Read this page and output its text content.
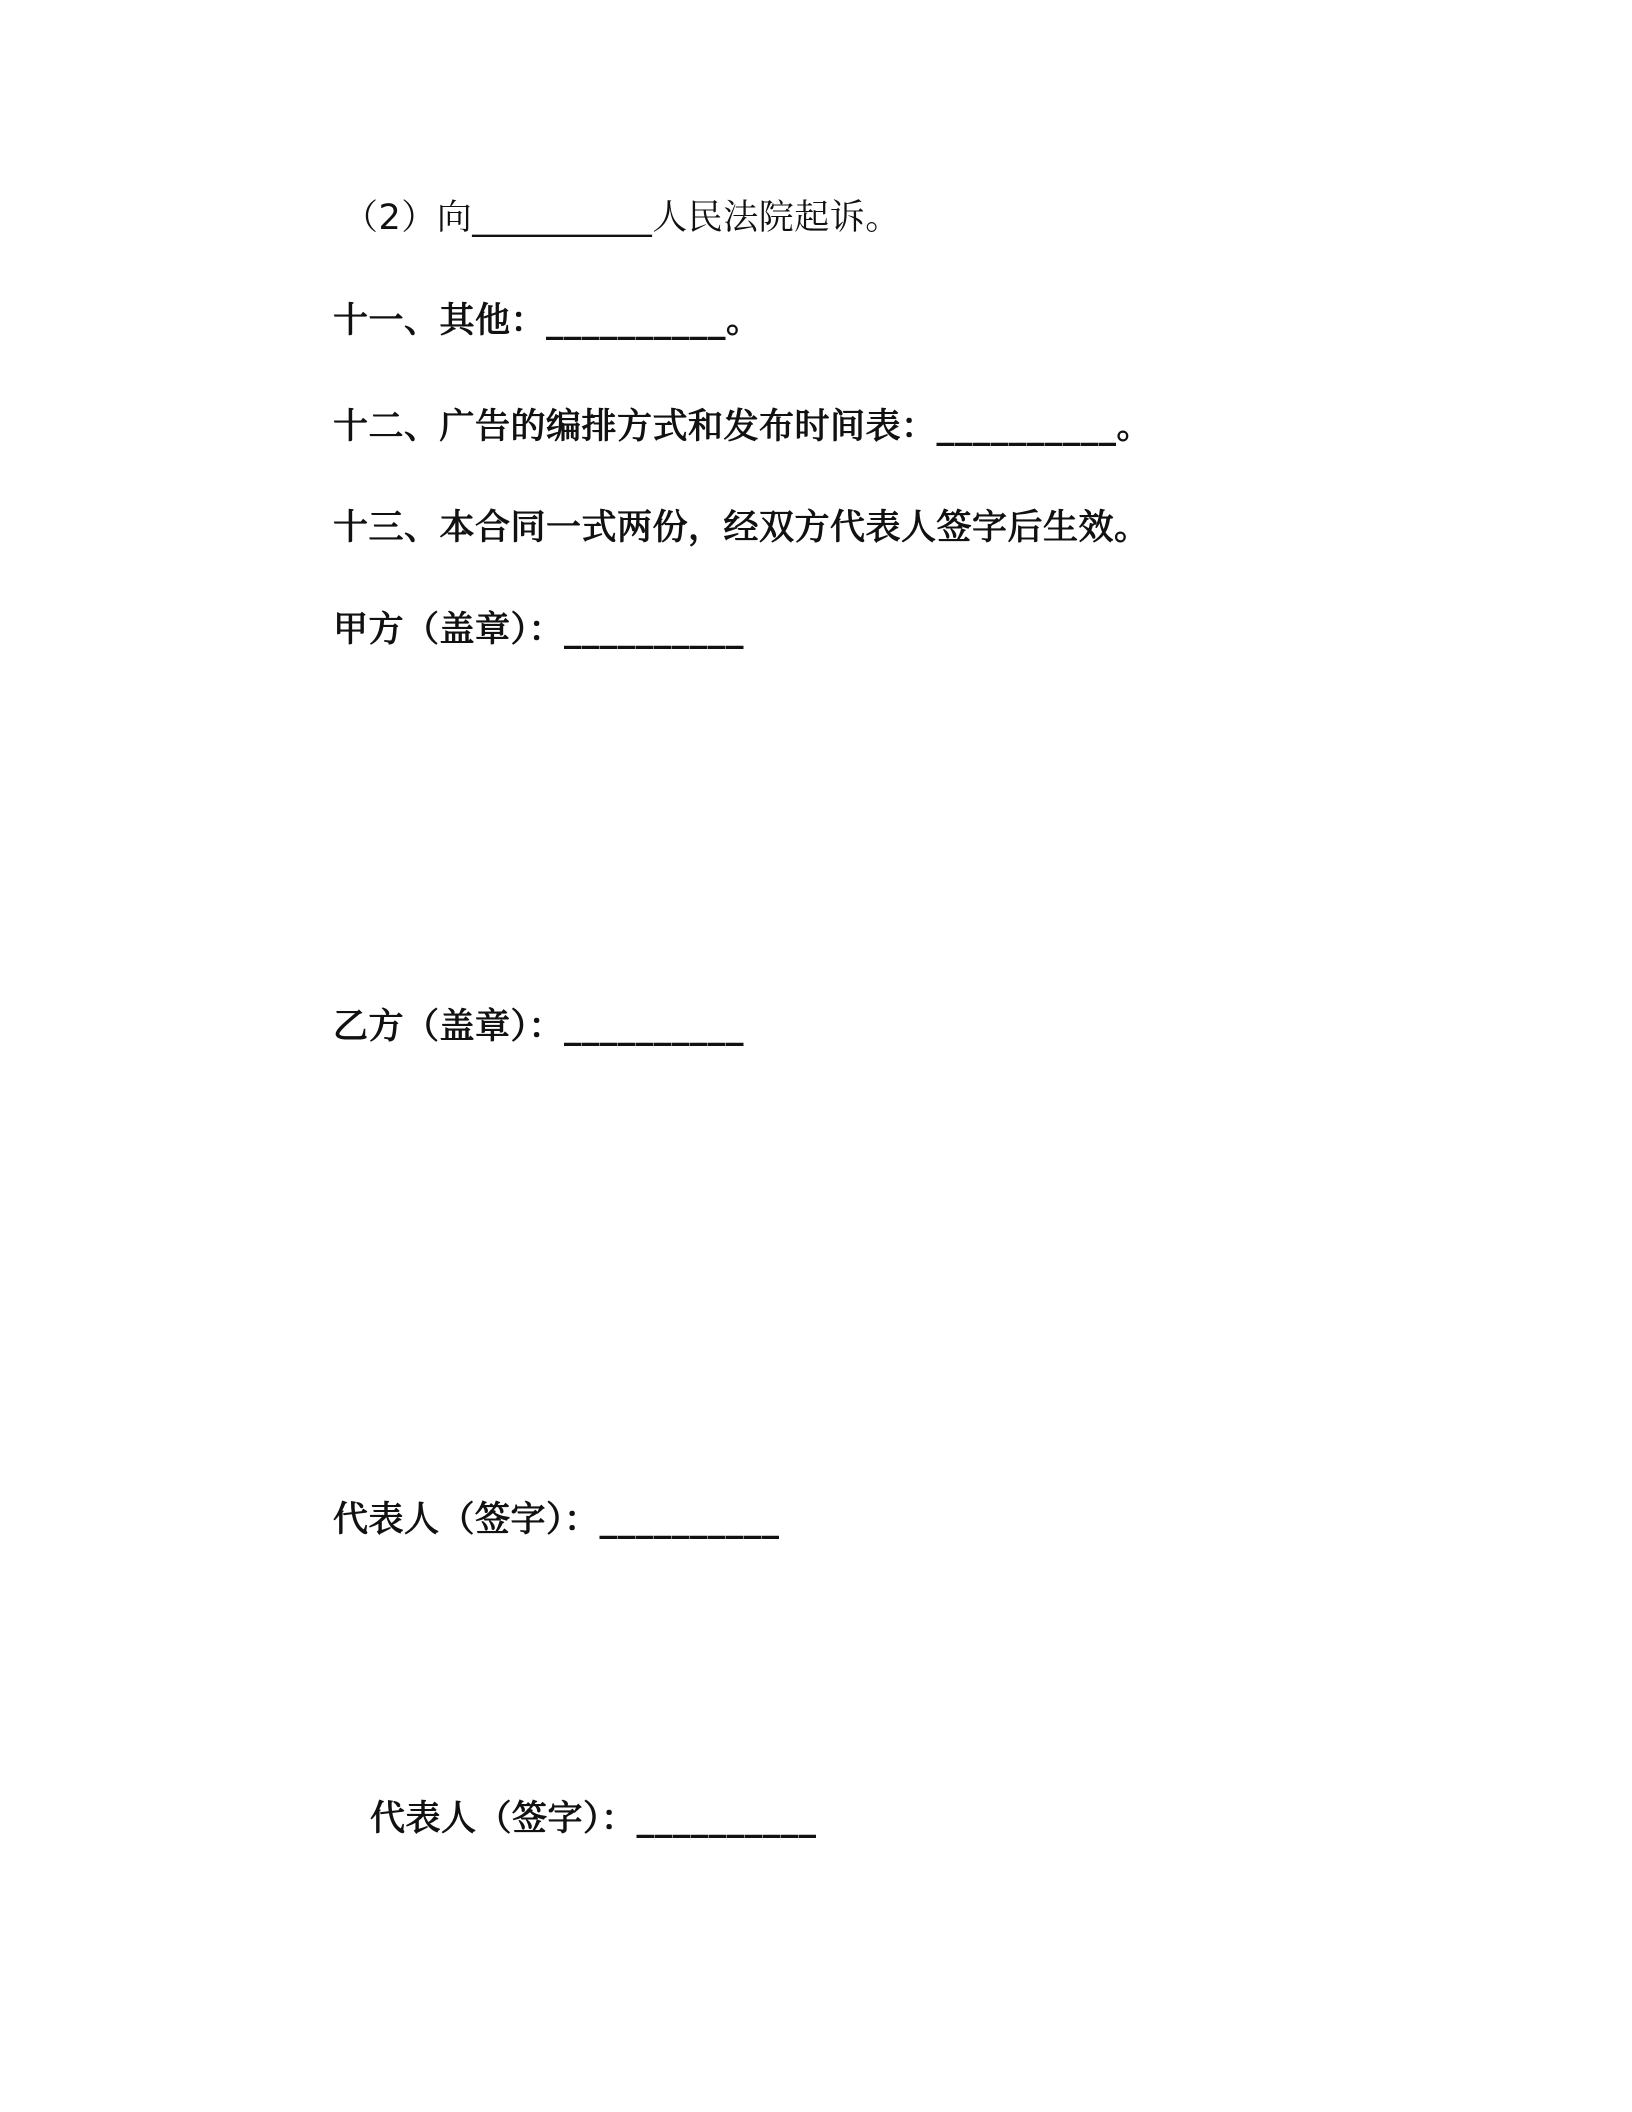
（2）向__________人民法院起诉。
十一、其他：__________。
十二、广告的编排方式和发布时间表：__________。
十三、本合同一式两份，经双方代表人签字后生效。
甲方（盖章）：__________
乙方（盖章）：__________
代表人（签字）：__________
代表人（签字）：__________
